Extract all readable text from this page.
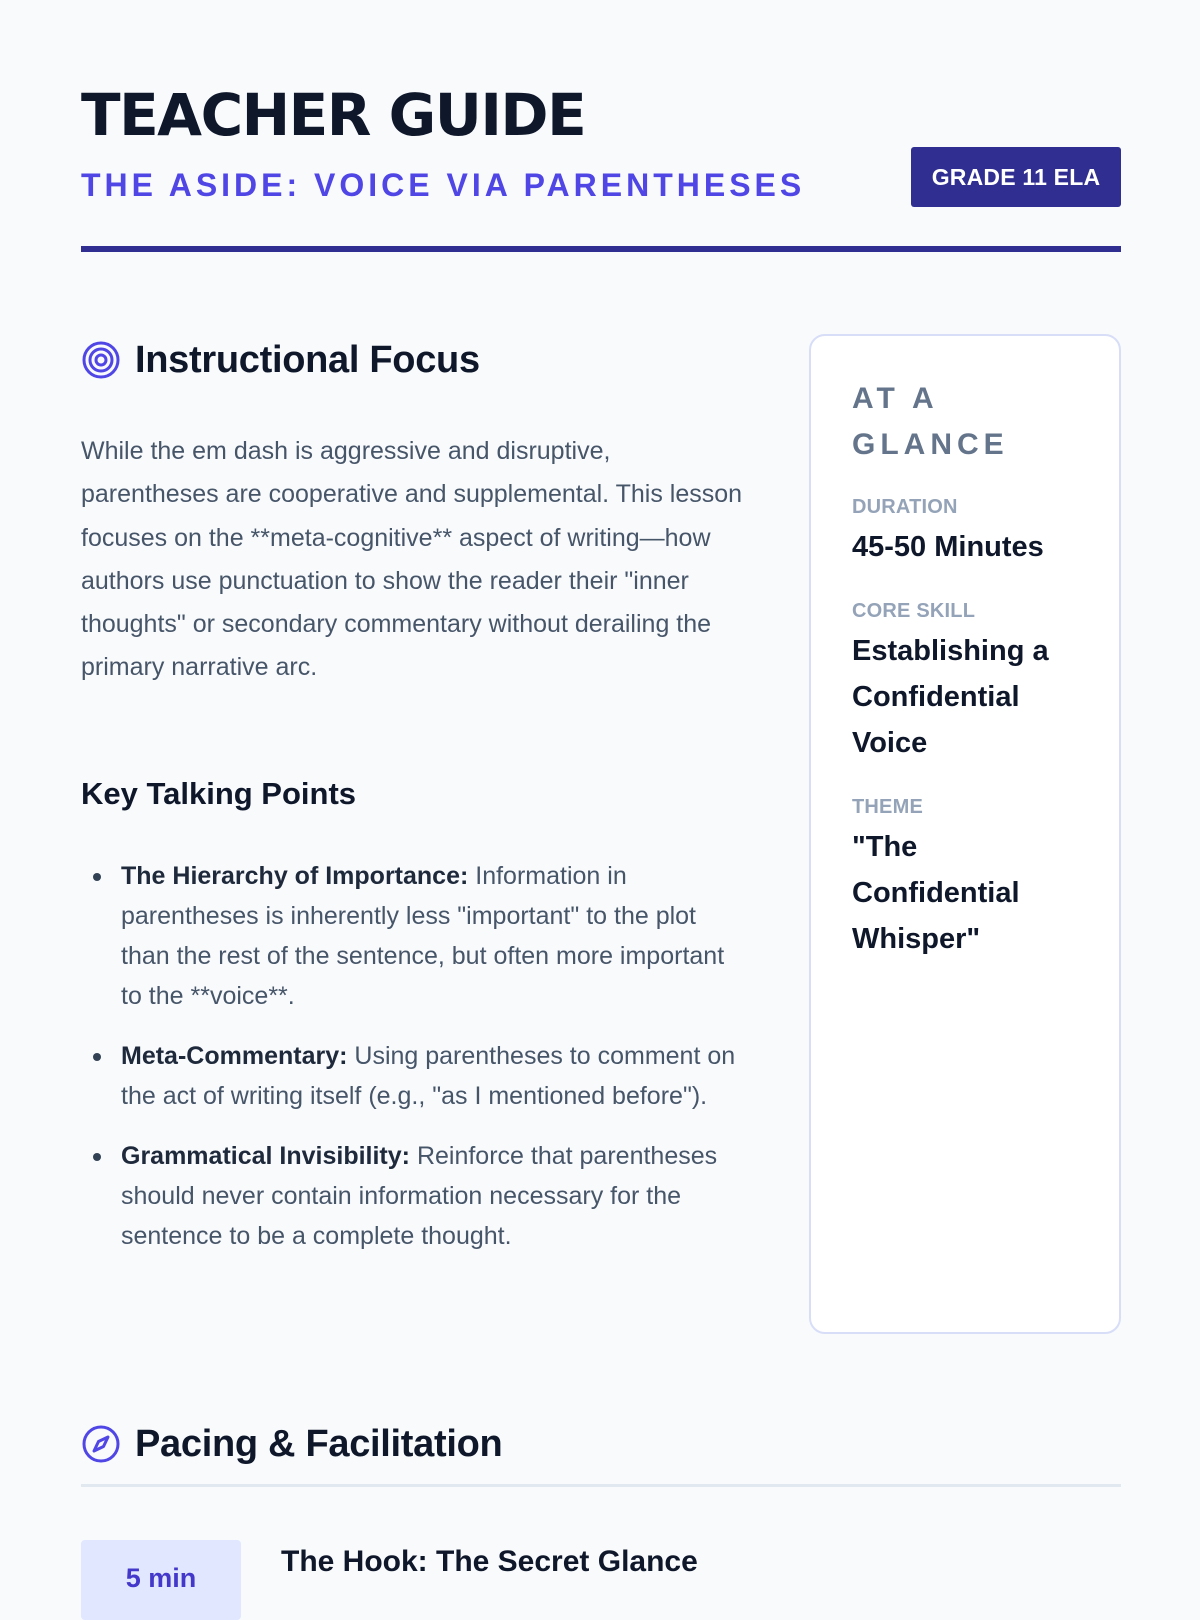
TEACHER GUIDE

THE ASIDE: VOICE VIA PARENTHESES	GRADE 11 ELA
Instructional Focus

While the em dash is aggressive and disruptive, parentheses are cooperative and supplemental. This lesson focuses on the **meta-cognitive** aspect of writing—how authors use punctuation to show the reader their "inner thoughts" or secondary commentary without derailing the primary narrative arc.

Key Talking Points
The Hierarchy of Importance: Information in parentheses is inherently less "important" to the plot than the rest of the sentence, but often more important to the **voice**.
Meta-Commentary: Using parentheses to comment on the act of writing itself (e.g., "as I mentioned before").
Grammatical Invisibility: Reinforce that parentheses should never contain information necessary for the sentence to be a complete thought.
AT A GLANCE

DURATION

45-50 Minutes

CORE SKILL

Establishing a Confidential Voice

THEME

"The Confidential Whisper"

Pacing & Facilitation
5 min	The Hook: The Secret Glance
